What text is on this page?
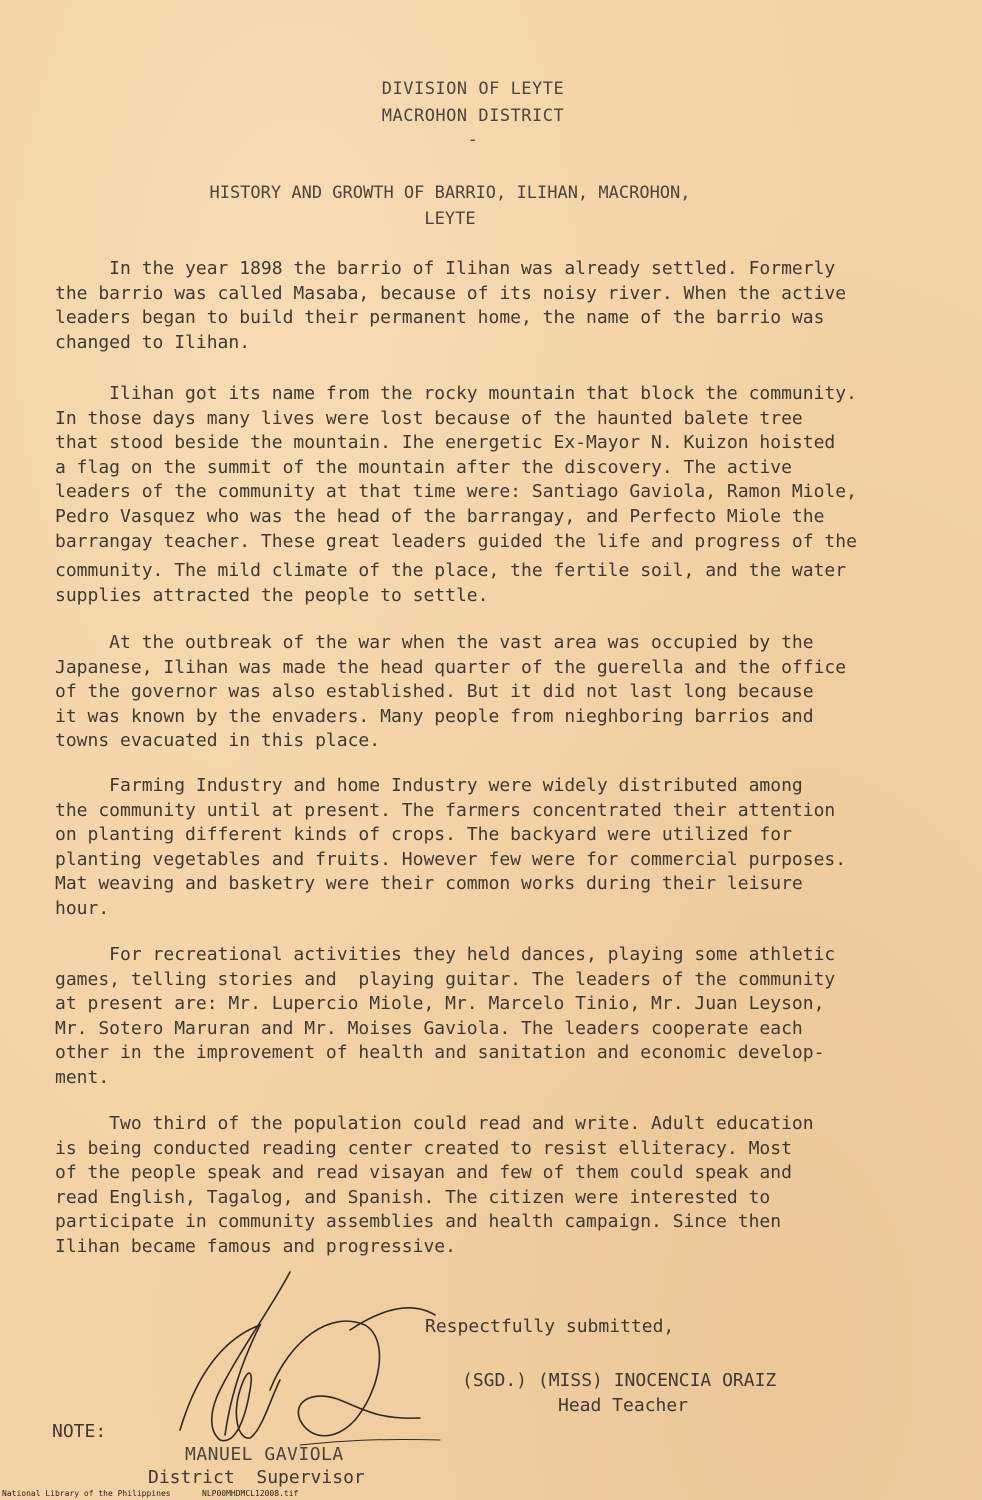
DIVISION OF LEYTE
MACROHON DISTRICT
-
HISTORY AND GROWTH OF BARRIO, ILIHAN, MACROHON,
LEYTE
In the year 1898 the barrio of Ilihan was already settled. Formerly
the barrio was called Masaba, because of its noisy river. When the active
leaders began to build their permanent home, the name of the barrio was
changed to Ilihan.
Ilihan got its name from the rocky mountain that block the community.
In those days many lives were lost because of the haunted balete tree
that stood beside the mountain. Ihe energetic Ex-Mayor N. Kuizon hoisted
a flag on the summit of the mountain after the discovery. The active
leaders of the community at that time were: Santiago Gaviola, Ramon Miole,
Pedro Vasquez who was the head of the barrangay, and Perfecto Miole the
barrangay teacher. These great leaders guided the life and progress of the
community. The mild climate of the place, the fertile soil, and the water
supplies attracted the people to settle.
At the outbreak of the war when the vast area was occupied by the
Japanese, Ilihan was made the head quarter of the guerella and the office
of the governor was also established. But it did not last long because
it was known by the envaders. Many people from nieghboring barrios and
towns evacuated in this place.
Farming Industry and home Industry were widely distributed among
the community until at present. The farmers concentrated their attention
on planting different kinds of crops. The backyard were utilized for
planting vegetables and fruits. However few were for commercial purposes.
Mat weaving and basketry were their common works during their leisure
hour.
For recreational activities they held dances, playing some athletic
games, telling stories and  playing guitar. The leaders of the community
at present are: Mr. Lupercio Miole, Mr. Marcelo Tinio, Mr. Juan Leyson,
Mr. Sotero Maruran and Mr. Moises Gaviola. The leaders cooperate each
other in the improvement of health and sanitation and economic develop-
ment.
Two third of the population could read and write. Adult education
is being conducted reading center created to resist elliteracy. Most
of the people speak and read visayan and few of them could speak and
read English, Tagalog, and Spanish. The citizen were interested to
participate in community assemblies and health campaign. Since then
Ilihan became famous and progressive.
Respectfully submitted,
(SGD.) (MISS) INOCENCIA ORAIZ
Head Teacher
NOTE:
MANUEL GAVIOLA
District  Supervisor
National Library of the Philippines	NLP00MHDMCL12008.tif
